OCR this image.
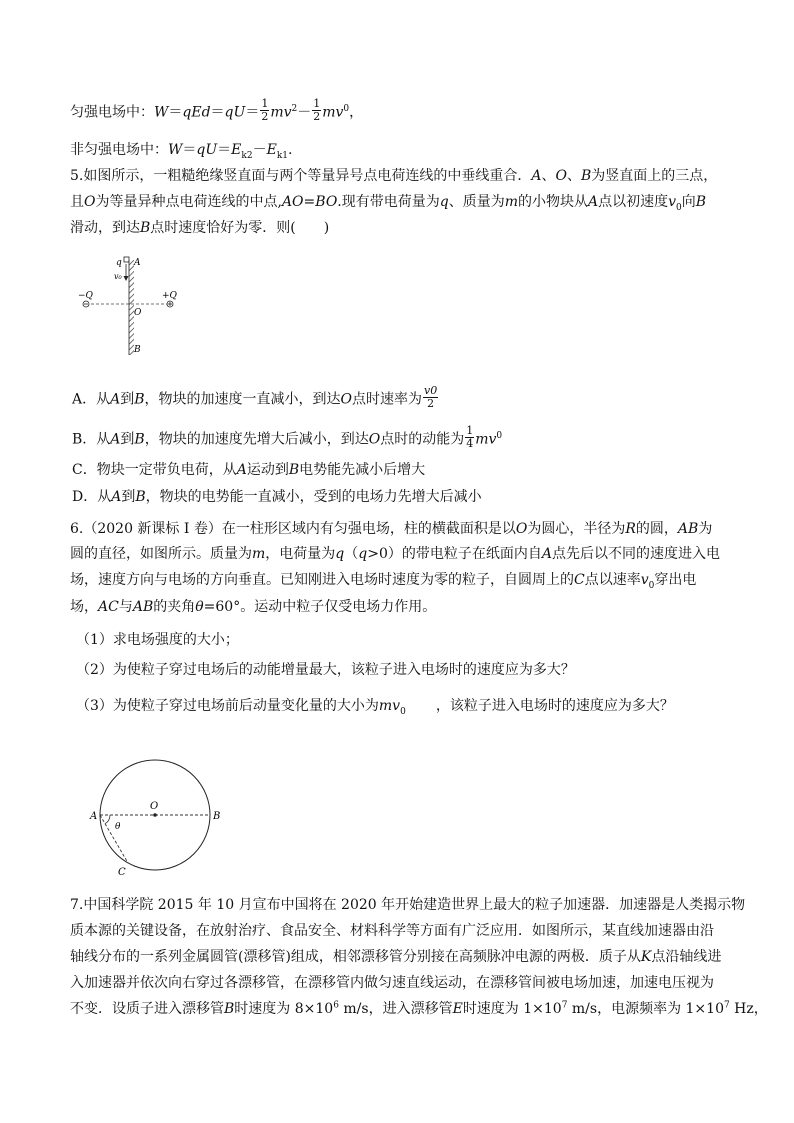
匀强电场中：$W=qEd=qU= \frac{1}{2} mv^2- \frac{1}{2} mv^0$，
非匀强电场中：$W=qU=E_{k2}-E_{k1}$.
5.如图所示，一粗糙绝缘竖直面与两个等量异号点电荷连线的中垂线重合．A、O、B为竖直面上的三点，
且O为等量异种点电荷连线的中点,AO=BO.现有带电荷量为q、质量为m的小物块从A点以初速度$v_0$向B
滑动，到达B点时速度恰好为零．则(　　)
q A
v₀
−Q	+Q
O
B
A．从A到B，物块的加速度一直减小，到达O点时速率为 $\frac{v0}{2}$
B．从A到B，物块的加速度先增大后减小，到达O点时的动能为 $\frac{1}{4} mv^0$
C．物块一定带负电荷，从A运动到B电势能先减小后增大
D．从A到B，物块的电势能一直减小，受到的电场力先增大后减小
6.（2020 新课标 I 卷）在一柱形区域内有匀强电场，柱的横截面积是以O为圆心，半径为R的圆，AB为
圆的直径，如图所示。质量为m，电荷量为q（q>0）的带电粒子在纸面内自A点先后以不同的速度进入电
场，速度方向与电场的方向垂直。已知刚进入电场时速度为零的粒子，自圆周上的C点以速率$v_0$穿出电
场，AC与AB的夹角θ=60°。运动中粒子仅受电场力作用。
（1）求电场强度的大小；
（2）为使粒子穿过电场后的动能增量最大，该粒子进入电场时的速度应为多大？
（3）为使粒子穿过电场前后动量变化量的大小为$mv_0$ ，该粒子进入电场时的速度应为多大？
A
O
B
C
θ
7.中国科学院 2015 年 10 月宣布中国将在 2020 年开始建造世界上最大的粒子加速器．加速器是人类揭示物
质本源的关键设备，在放射治疗、食品安全、材料科学等方面有广泛应用．如图所示，某直线加速器由沿
轴线分布的一系列金属圆管(漂移管)组成，相邻漂移管分别接在高频脉冲电源的两极．质子从K点沿轴线进
入加速器并依次向右穿过各漂移管，在漂移管内做匀速直线运动，在漂移管间被电场加速，加速电压视为
不变．设质子进入漂移管B时速度为 $8\times 10^6$ m/s，进入漂移管E时速度为 $1\times 10^7$ m/s，电源频率为 $1\times 10^7$ Hz，
